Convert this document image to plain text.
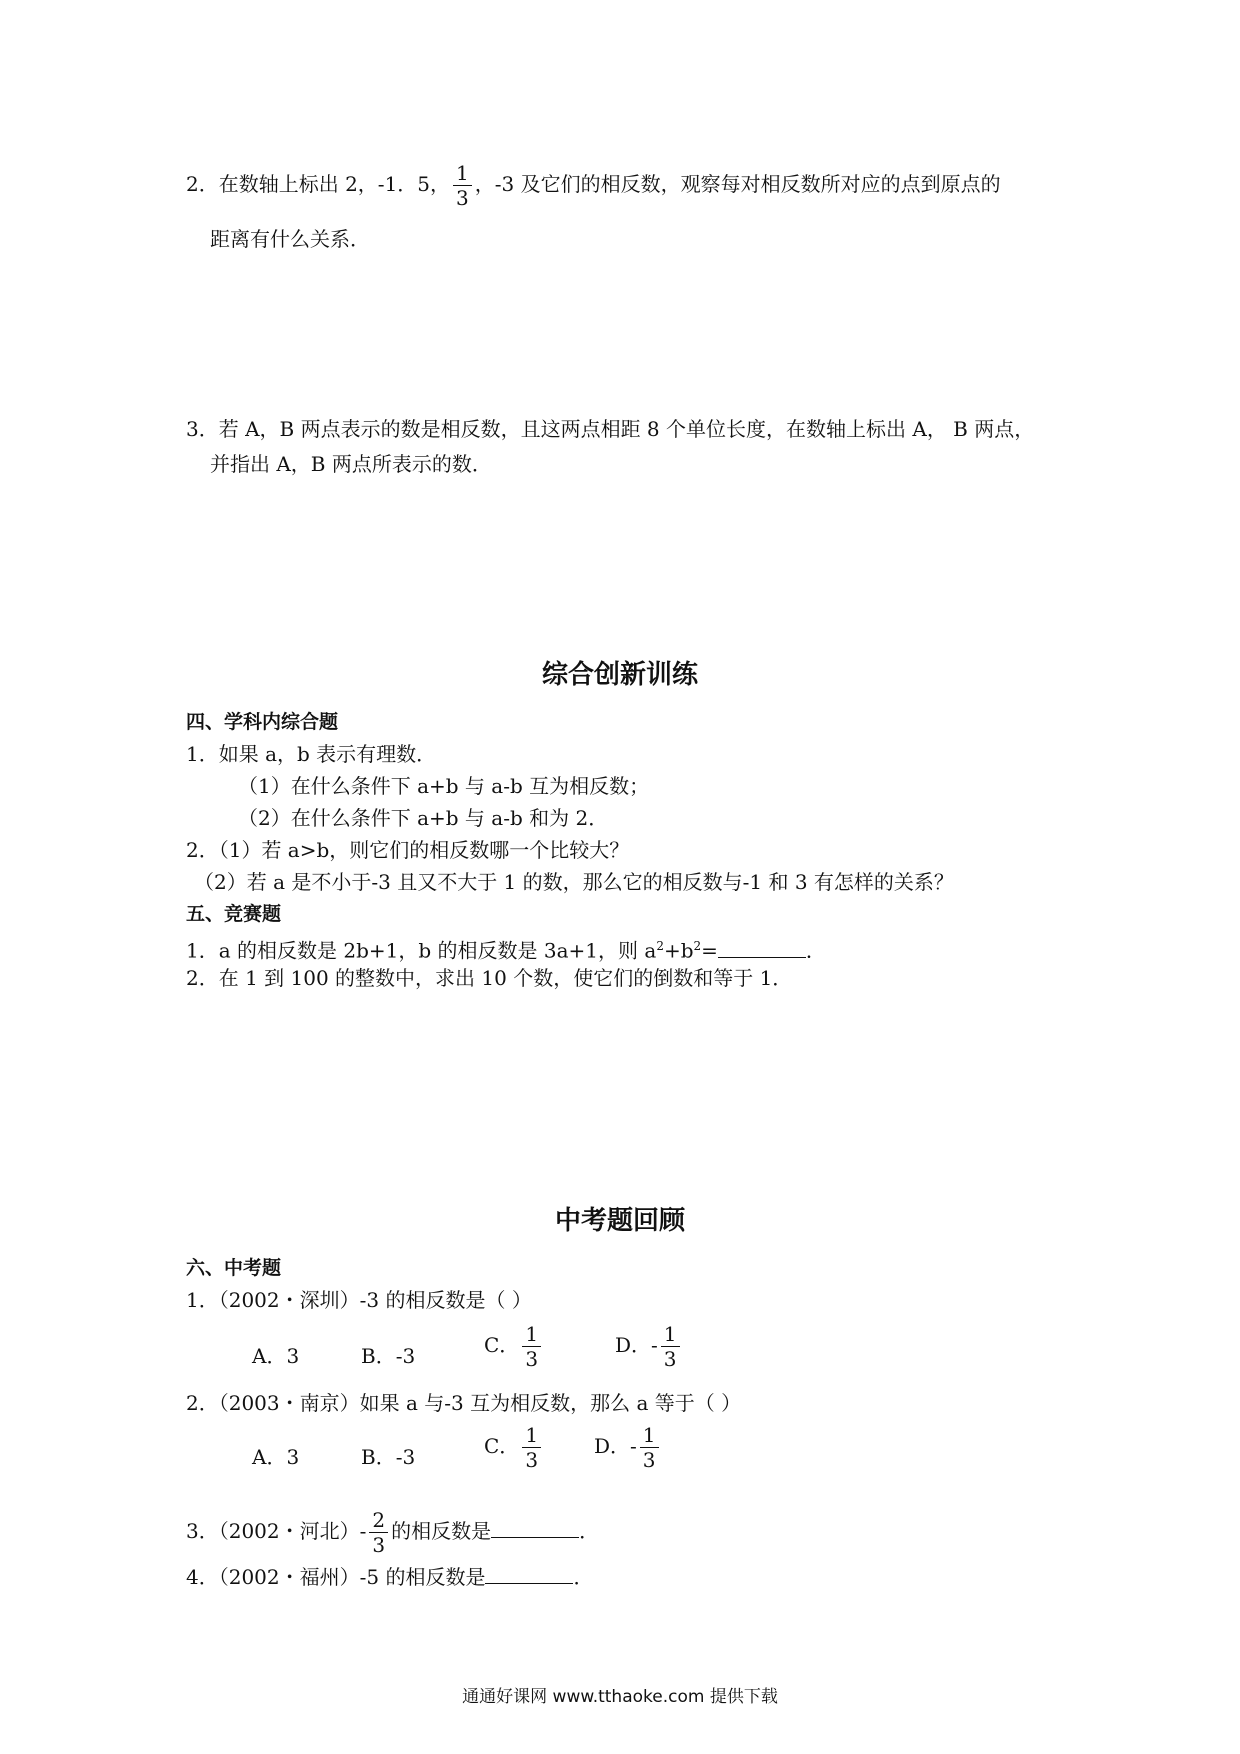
2．在数轴上标出 2，-1．5， $\frac{1}{3}$ ，-3 及它们的相反数，观察每对相反数所对应的点到原点的
距离有什么关系．
3．若 A，B 两点表示的数是相反数，且这两点相距 8 个单位长度，在数轴上标出 A， B 两点，
并指出 A，B 两点所表示的数．
综合创新训练
四、学科内综合题
1．如果 a，b 表示有理数．
（1）在什么条件下 a+b 与 a-b 互为相反数；
（2）在什么条件下 a+b 与 a-b 和为 2．
2．（1）若 a>b，则它们的相反数哪一个比较大？
（2）若 a 是不小于-3 且又不大于 1 的数，那么它的相反数与-1 和 3 有怎样的关系？
五、竞赛题
1．a 的相反数是 2b+1，b 的相反数是 3a+1，则 $a^2+b^2=$	．
2．在 1 到 100 的整数中，求出 10 个数，使它们的倒数和等于 1．
中考题回顾
六、中考题
1．（2002・深圳）-3 的相反数是（ ）
A．3	B．-3	C． $\frac{1}{3}$	D．- $\frac{1}{3}$
2．（2003・南京）如果 a 与-3 互为相反数，那么 a 等于（ ）
A．3	B．-3	C． $\frac{1}{3}$	D．- $\frac{1}{3}$
3．（2002・河北）- $\frac{2}{3}$ 的相反数是	．
4．（2002・福州）-5 的相反数是	．
通通好课网 www.tthaoke.com 提供下载
